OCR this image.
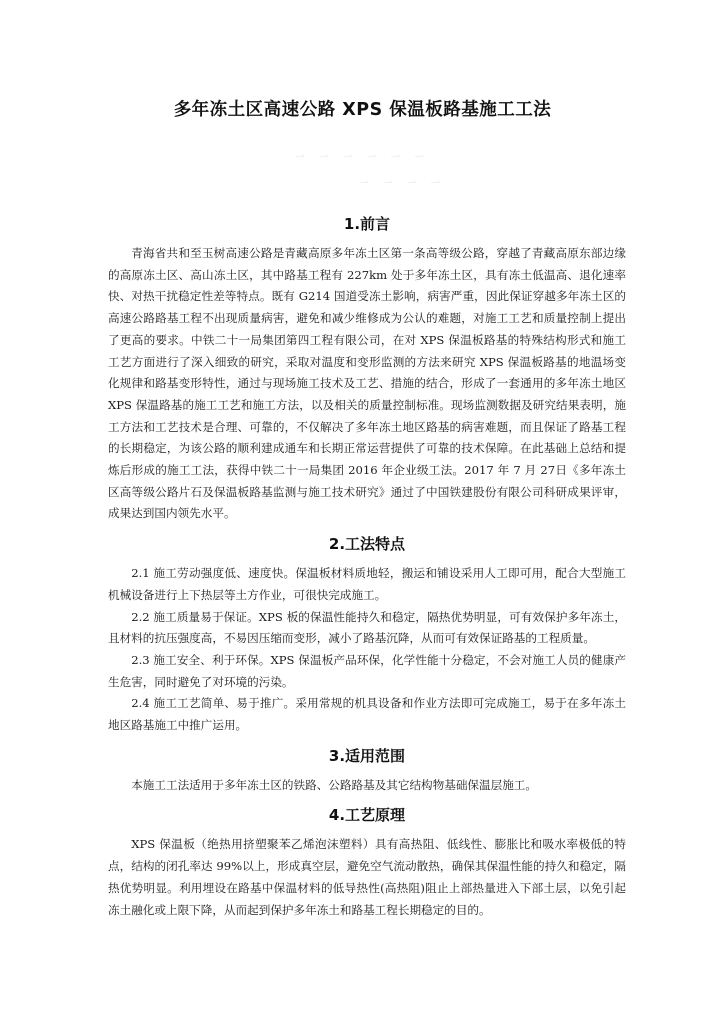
多年冻土区高速公路 XPS 保温板路基施工工法
一 一 一 一 一 一
一 一 一 一
1.前言

青海省共和至玉树高速公路是青藏高原多年冻土区第一条高等级公路，穿越了青藏高原东部边缘的高原冻土区、高山冻土区，其中路基工程有 227km 处于多年冻土区，具有冻土低温高、退化速率快、对热干扰稳定性差等特点。既有 G214 国道受冻土影响，病害严重，因此保证穿越多年冻土区的高速公路路基工程不出现质量病害，避免和减少维修成为公认的难题，对施工工艺和质量控制上提出了更高的要求。中铁二十一局集团第四工程有限公司，在对 XPS 保温板路基的特殊结构形式和施工工艺方面进行了深入细致的研究，采取对温度和变形监测的方法来研究 XPS 保温板路基的地温场变化规律和路基变形特性，通过与现场施工技术及工艺、措施的结合，形成了一套通用的多年冻土地区 XPS 保温路基的施工工艺和施工方法，以及相关的质量控制标准。现场监测数据及研究结果表明，施工方法和工艺技术是合理、可靠的，不仅解决了多年冻土地区路基的病害难题，而且保证了路基工程的长期稳定，为该公路的顺利建成通车和长期正常运营提供了可靠的技术保障。在此基础上总结和提炼后形成的施工工法，获得中铁二十一局集团 2016 年企业级工法。2017 年 7 月 27日《多年冻土区高等级公路片石及保温板路基监测与施工技术研究》通过了中国铁建股份有限公司科研成果评审，成果达到国内领先水平。

2.工法特点

2.1 施工劳动强度低、速度快。保温板材料质地轻，搬运和铺设采用人工即可用，配合大型施工机械设备进行上下热层等土方作业，可很快完成施工。

2.2 施工质量易于保证。XPS 板的保温性能持久和稳定，隔热优势明显，可有效保护多年冻土，且材料的抗压强度高，不易因压缩而变形，减小了路基沉降，从而可有效保证路基的工程质量。

2.3 施工安全、利于环保。XPS 保温板产品环保，化学性能十分稳定，不会对施工人员的健康产生危害，同时避免了对环境的污染。

2.4 施工工艺简单、易于推广。采用常规的机具设备和作业方法即可完成施工，易于在多年冻土地区路基施工中推广运用。

3.适用范围

本施工工法适用于多年冻土区的铁路、公路路基及其它结构物基础保温层施工。

4.工艺原理

XPS 保温板（绝热用挤塑聚苯乙烯泡沫塑料）具有高热阻、低线性、膨胀比和吸水率极低的特点，结构的闭孔率达 99%以上，形成真空层，避免空气流动散热，确保其保温性能的持久和稳定，隔热优势明显。利用埋设在路基中保温材料的低导热性(高热阻)阻止上部热量进入下部土层，以免引起冻土融化或上限下降，从而起到保护多年冻土和路基工程长期稳定的目的。
